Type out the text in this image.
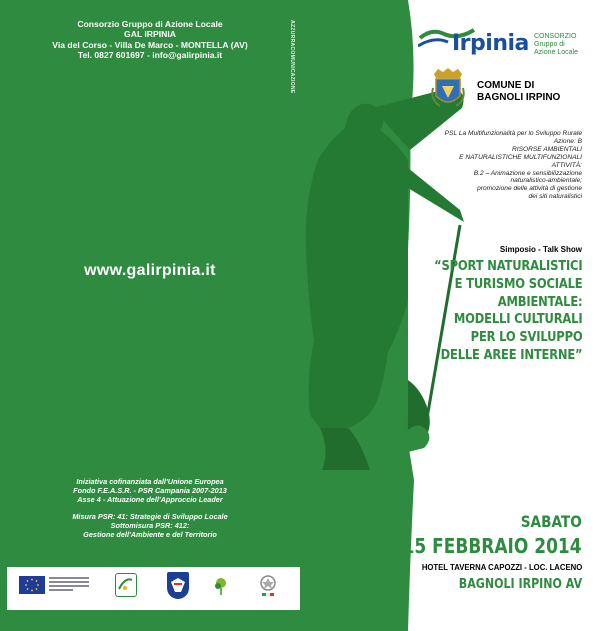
Consorzio Gruppo di Azione Locale
GAL IRPINIA
Via del Corso - Villa De Marco - MONTELLA (AV)
Tel. 0827 601697 - info@galirpinia.it	AZZURRACOMUNICAZIONE
www.galirpinia.it
Iniziativa cofinanziata dall'Unione Europea
Fondo F.E.A.S.R. - PSR Campania 2007-2013
Asse 4 - Attuazione dell'Approccio Leader
Misura PSR: 41: Strategie di Sviluppo Locale
Sottomisura PSR: 412:
Gestione dell'Ambiente e del Territorio
Irpinia CONSORZIO
Gruppo di
Azione Locale
COMUNE DI
BAGNOLI IRPINO
PSL La Multifunzionalità per lo Sviluppo Rurale
Azione: B
RISORSE AMBIENTALI
E NATURALISTICHE MULTIFUNZIONALI
ATTIVITÀ:
B.2 – Animazione e sensibilizzazione
naturalistico-ambientale;
promozione delle attività di gestione
dei siti naturalistici
Simposio - Talk Show
“SPORT NATURALISTICI
E TURISMO SOCIALE
AMBIENTALE:
MODELLI CULTURALI
PER LO SVILUPPO
DELLE AREE INTERNE”
SABATO
15 FEBBRAIO 2014
HOTEL TAVERNA CAPOZZI - LOC. LACENO
BAGNOLI IRPINO AV
